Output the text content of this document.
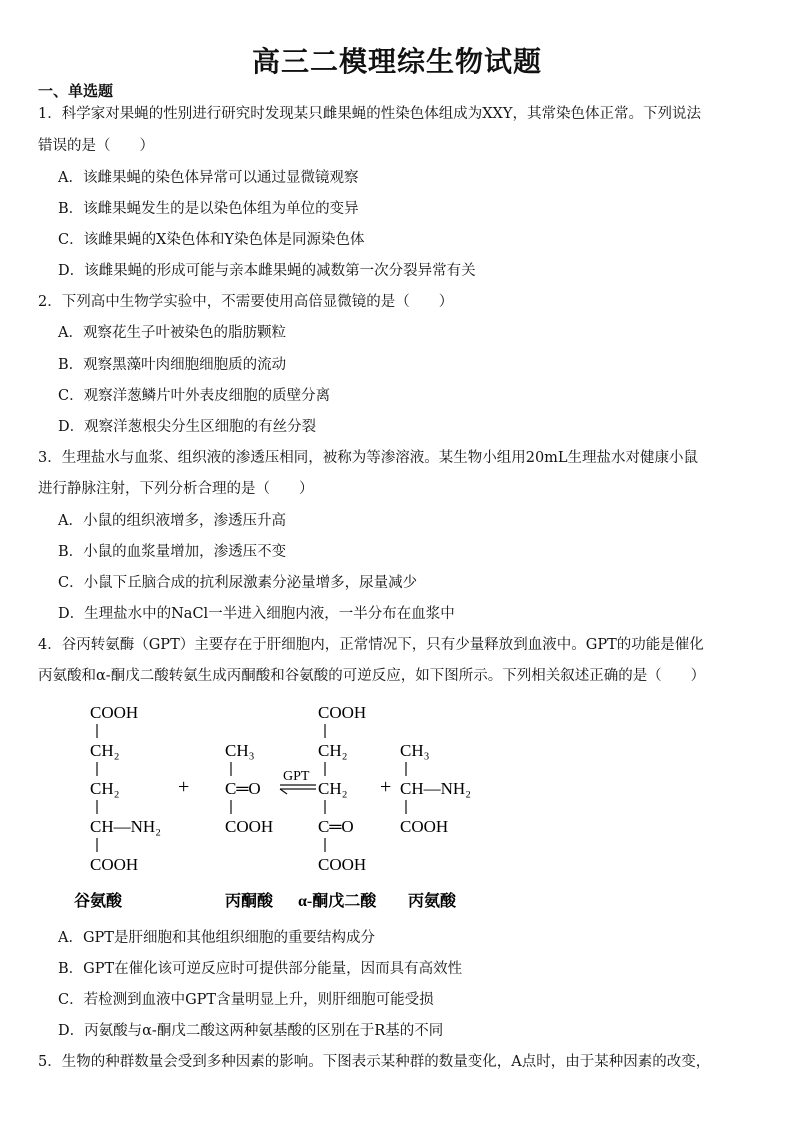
高三二模理综生物试题
一、单选题
1．科学家对果蝇的性别进行研究时发现某只雌果蝇的性染色体组成为XXY，其常染色体正常。下列说法
错误的是（　　）
A．该雌果蝇的染色体异常可以通过显微镜观察
B．该雌果蝇发生的是以染色体组为单位的变异
C．该雌果蝇的X染色体和Y染色体是同源染色体
D．该雌果蝇的形成可能与亲本雌果蝇的减数第一次分裂异常有关
2．下列高中生物学实验中，不需要使用高倍显微镜的是（　　）
A．观察花生子叶被染色的脂肪颗粒
B．观察黑藻叶肉细胞细胞质的流动
C．观察洋葱鳞片叶外表皮细胞的质壁分离
D．观察洋葱根尖分生区细胞的有丝分裂
3．生理盐水与血浆、组织液的渗透压相同，被称为等渗溶液。某生物小组用20mL生理盐水对健康小鼠
进行静脉注射，下列分析合理的是（　　）
A．小鼠的组织液增多，渗透压升高
B．小鼠的血浆量增加，渗透压不变
C．小鼠下丘脑合成的抗利尿激素分泌量增多，尿量减少
D．生理盐水中的NaCl一半进入细胞内液，一半分布在血浆中
4．谷丙转氨酶（GPT）主要存在于肝细胞内，正常情况下，只有少量释放到血液中。GPT的功能是催化
丙氨酸和α-酮戊二酸转氨生成丙酮酸和谷氨酸的可逆反应，如下图所示。下列相关叙述正确的是（　　）
COOH
CH₂
CH₂
CH—NH₂
COOH
+
CH₃
C═O
COOH
GPT
COOH
CH₂
CH₂
C═O
COOH
+
CH₃
CH—NH₂
COOH
谷氨酸	丙酮酸 α-酮戊二酸 丙氨酸
A．GPT是肝细胞和其他组织细胞的重要结构成分
B．GPT在催化该可逆反应时可提供部分能量，因而具有高效性
C．若检测到血液中GPT含量明显上升，则肝细胞可能受损
D．丙氨酸与α-酮戊二酸这两种氨基酸的区别在于R基的不同
5．生物的种群数量会受到多种因素的影响。下图表示某种群的数量变化，A点时，由于某种因素的改变，
